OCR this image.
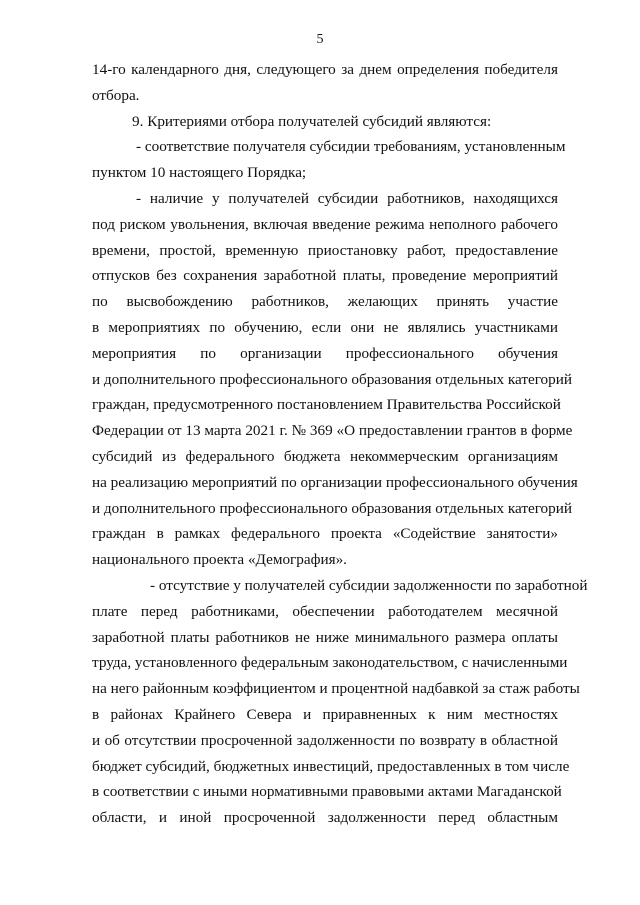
5
14-го календарного дня, следующего за днем определения победителя
отбора.
9. Критериями отбора получателей субсидий являются:
- соответствие получателя субсидии требованиям, установленным
пунктом 10 настоящего Порядка;
- наличие у получателей субсидии работников, находящихся
под риском увольнения, включая введение режима неполного рабочего
времени, простой, временную приостановку работ, предоставление
отпусков без сохранения заработной платы, проведение мероприятий
по высвобождению работников, желающих принять участие
в мероприятиях по обучению, если они не являлись участниками
мероприятия по организации профессионального обучения
и дополнительного профессионального образования отдельных категорий
граждан, предусмотренного постановлением Правительства Российской
Федерации от 13 марта 2021 г. № 369 «О предоставлении грантов в форме
субсидий из федерального бюджета некоммерческим организациям
на реализацию мероприятий по организации профессионального обучения
и дополнительного профессионального образования отдельных категорий
граждан в рамках федерального проекта «Содействие занятости»
национального проекта «Демография».
- отсутствие у получателей субсидии задолженности по заработной
плате перед работниками, обеспечении работодателем месячной
заработной платы работников не ниже минимального размера оплаты
труда, установленного федеральным законодательством, с начисленными
на него районным коэффициентом и процентной надбавкой за стаж работы
в районах Крайнего Севера и приравненных к ним местностях
и об отсутствии просроченной задолженности по возврату в областной
бюджет субсидий, бюджетных инвестиций, предоставленных в том числе
в соответствии с иными нормативными правовыми актами Магаданской
области, и иной просроченной задолженности перед областным
